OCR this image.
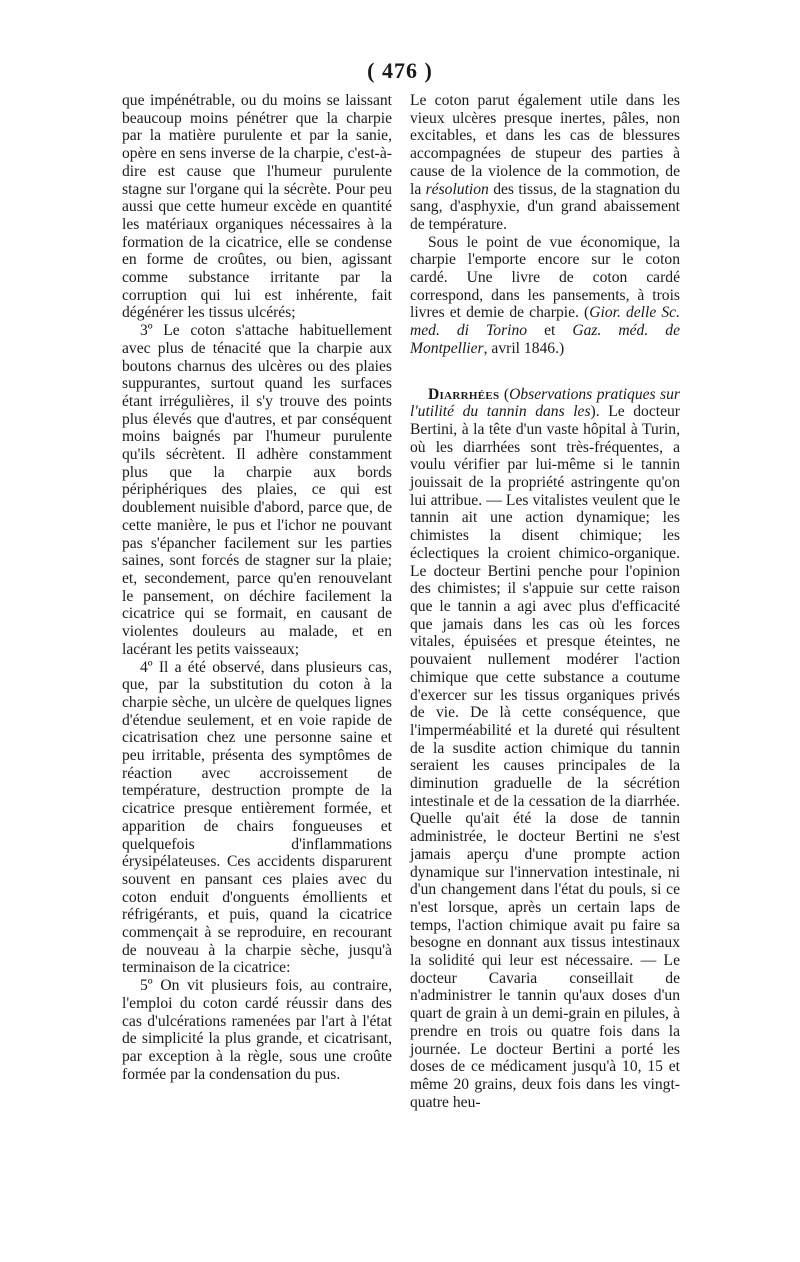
( 476 )

que impénétrable, ou du moins se laissant beaucoup moins pénétrer que la charpie par la matière purulente et par la sanie, opère en sens inverse de la charpie, c'est-à-dire est cause que l'humeur purulente stagne sur l'organe qui la sécrète. Pour peu aussi que cette humeur excède en quantité les matériaux organiques nécessaires à la formation de la cicatrice, elle se condense en forme de croûtes, ou bien, agissant comme substance irritante par la corruption qui lui est inhérente, fait dégénérer les tissus ulcérés;

3º Le coton s'attache habituellement avec plus de ténacité que la charpie aux boutons charnus des ulcères ou des plaies suppurantes, surtout quand les surfaces étant irrégulières, il s'y trouve des points plus élevés que d'autres, et par conséquent moins baignés par l'humeur purulente qu'ils sécrètent. Il adhère constamment plus que la charpie aux bords périphériques des plaies, ce qui est doublement nuisible d'abord, parce que, de cette manière, le pus et l'ichor ne pouvant pas s'épancher facilement sur les parties saines, sont forcés de stagner sur la plaie; et, secondement, parce qu'en renouvelant le pansement, on déchire facilement la cicatrice qui se formait, en causant de violentes douleurs au malade, et en lacérant les petits vaisseaux;

4º Il a été observé, dans plusieurs cas, que, par la substitution du coton à la charpie sèche, un ulcère de quelques lignes d'étendue seulement, et en voie rapide de cicatrisation chez une personne saine et peu irritable, présenta des symptômes de réaction avec accroissement de température, destruction prompte de la cicatrice presque entièrement formée, et apparition de chairs fongueuses et quelquefois d'inflammations érysipélateuses. Ces accidents disparurent souvent en pansant ces plaies avec du coton enduit d'onguents émollients et réfrigérants, et puis, quand la cicatrice commençait à se reproduire, en recourant de nouveau à la charpie sèche, jusqu'à terminaison de la cicatrice:

5º On vit plusieurs fois, au contraire, l'emploi du coton cardé réussir dans des cas d'ulcérations ramenées par l'art à l'état de simplicité la plus grande, et cicatrisant, par exception à la règle, sous une croûte formée par la condensation du pus.

Le coton parut également utile dans les vieux ulcères presque inertes, pâles, non excitables, et dans les cas de blessures accompagnées de stupeur des parties à cause de la violence de la commotion, de la résolution des tissus, de la stagnation du sang, d'asphyxie, d'un grand abaissement de température.

Sous le point de vue économique, la charpie l'emporte encore sur le coton cardé. Une livre de coton cardé correspond, dans les pansements, à trois livres et demie de charpie. (Gior. delle Sc. med. di Torino et Gaz. méd. de Montpellier, avril 1846.)

Diarrhées (Observations pratiques sur l'utilité du tannin dans les). Le docteur Bertini, à la tête d'un vaste hôpital à Turin, où les diarrhées sont très-fréquentes, a voulu vérifier par lui-même si le tannin jouissait de la propriété astringente qu'on lui attribue. — Les vitalistes veulent que le tannin ait une action dynamique; les chimistes la disent chimique; les éclectiques la croient chimico-organique. Le docteur Bertini penche pour l'opinion des chimistes; il s'appuie sur cette raison que le tannin a agi avec plus d'efficacité que jamais dans les cas où les forces vitales, épuisées et presque éteintes, ne pouvaient nullement modérer l'action chimique que cette substance a coutume d'exercer sur les tissus organiques privés de vie. De là cette conséquence, que l'imperméabilité et la dureté qui résultent de la susdite action chimique du tannin seraient les causes principales de la diminution graduelle de la sécrétion intestinale et de la cessation de la diarrhée. Quelle qu'ait été la dose de tannin administrée, le docteur Bertini ne s'est jamais aperçu d'une prompte action dynamique sur l'innervation intestinale, ni d'un changement dans l'état du pouls, si ce n'est lorsque, après un certain laps de temps, l'action chimique avait pu faire sa besogne en donnant aux tissus intestinaux la solidité qui leur est nécessaire. — Le docteur Cavaria conseillait de n'administrer le tannin qu'aux doses d'un quart de grain à un demi-grain en pilules, à prendre en trois ou quatre fois dans la journée. Le docteur Bertini a porté les doses de ce médicament jusqu'à 10, 15 et même 20 grains, deux fois dans les vingt-quatre heu-
